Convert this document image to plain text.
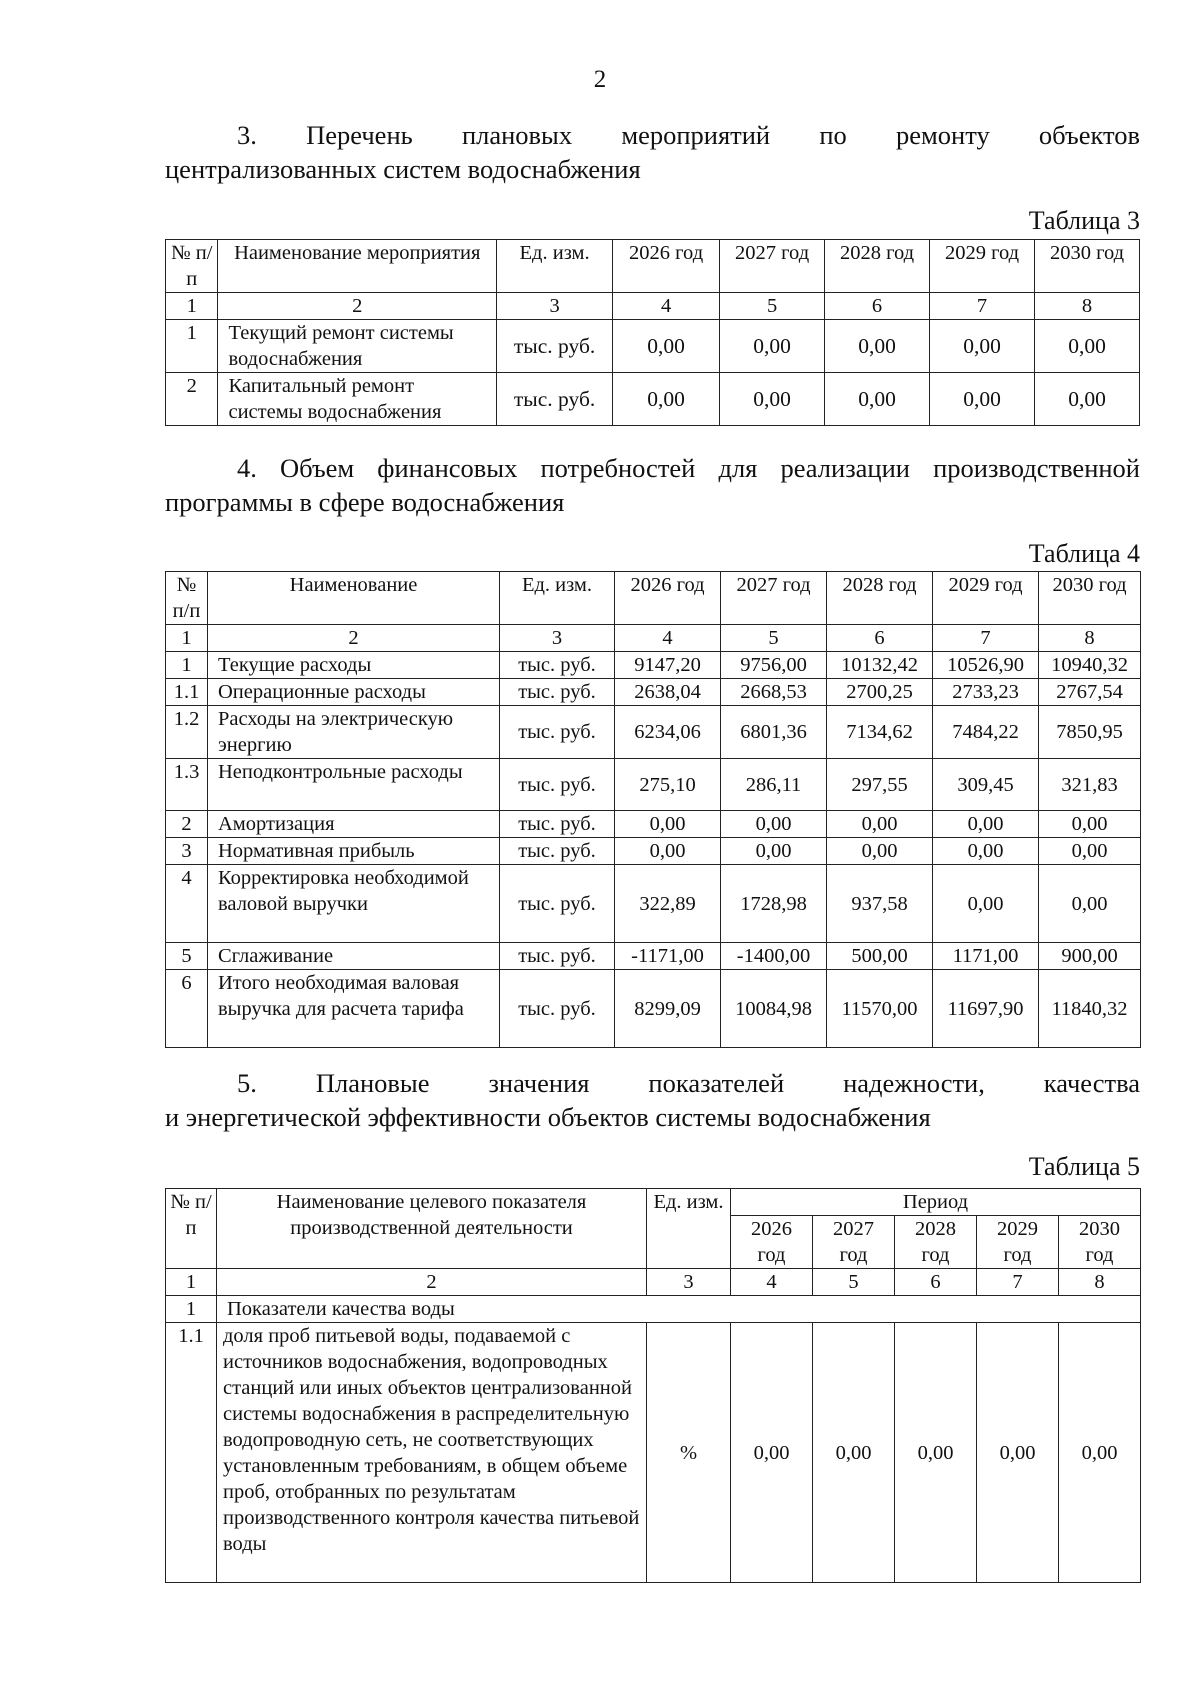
2
3. Перечень плановых мероприятий по ремонту объектов
централизованных систем водоснабжения
Таблица 3
№ п/п	Наименование мероприятия	Ед. изм.	2026 год	2027 год	2028 год	2029 год	2030 год
1	2	3	4	5	6	7	8
1	Текущий ремонт системы водоснабжения	тыс. руб.	0,00	0,00	0,00	0,00	0,00
2	Капитальный ремонт системы водоснабжения	тыс. руб.	0,00	0,00	0,00	0,00	0,00
4. Объем финансовых потребностей для реализации производственной
программы в сфере водоснабжения
Таблица 4
№ п/п	Наименование	Ед. изм.	2026 год	2027 год	2028 год	2029 год	2030 год
1	2	3	4	5	6	7	8
1	Текущие расходы	тыс. руб.	9147,20	9756,00	10132,42	10526,90	10940,32
1.1	Операционные расходы	тыс. руб.	2638,04	2668,53	2700,25	2733,23	2767,54
1.2	Расходы на электрическую энергию	тыс. руб.	6234,06	6801,36	7134,62	7484,22	7850,95
1.3	Неподконтрольные расходы	тыс. руб.	275,10	286,11	297,55	309,45	321,83
2	Амортизация	тыс. руб.	0,00	0,00	0,00	0,00	0,00
3	Нормативная прибыль	тыс. руб.	0,00	0,00	0,00	0,00	0,00
4	Корректировка необходимой валовой выручки	тыс. руб.	322,89	1728,98	937,58	0,00	0,00
5	Сглаживание	тыс. руб.	-1171,00	-1400,00	500,00	1171,00	900,00
6	Итого необходимая валовая выручка для расчета тарифа	тыс. руб.	8299,09	10084,98	11570,00	11697,90	11840,32
5. Плановые значения показателей надежности, качества
и энергетической эффективности объектов системы водоснабжения
Таблица 5
№ п/п	Наименование целевого показателя производственной деятельности	Ед. изм.	Период				
			2026 год	2027 год	2028 год	2029 год	2030 год
1	2	3	4	5	6	7	8
1	Показатели качества воды						
1.1	доля проб питьевой воды, подаваемой с источников водоснабжения, водопроводных станций или иных объектов централизованной системы водоснабжения в распределительную водопроводную сеть, не соответствующих установленным требованиям, в общем объеме проб, отобранных по результатам производственного контроля качества питьевой воды	%	0,00	0,00	0,00	0,00	0,00
